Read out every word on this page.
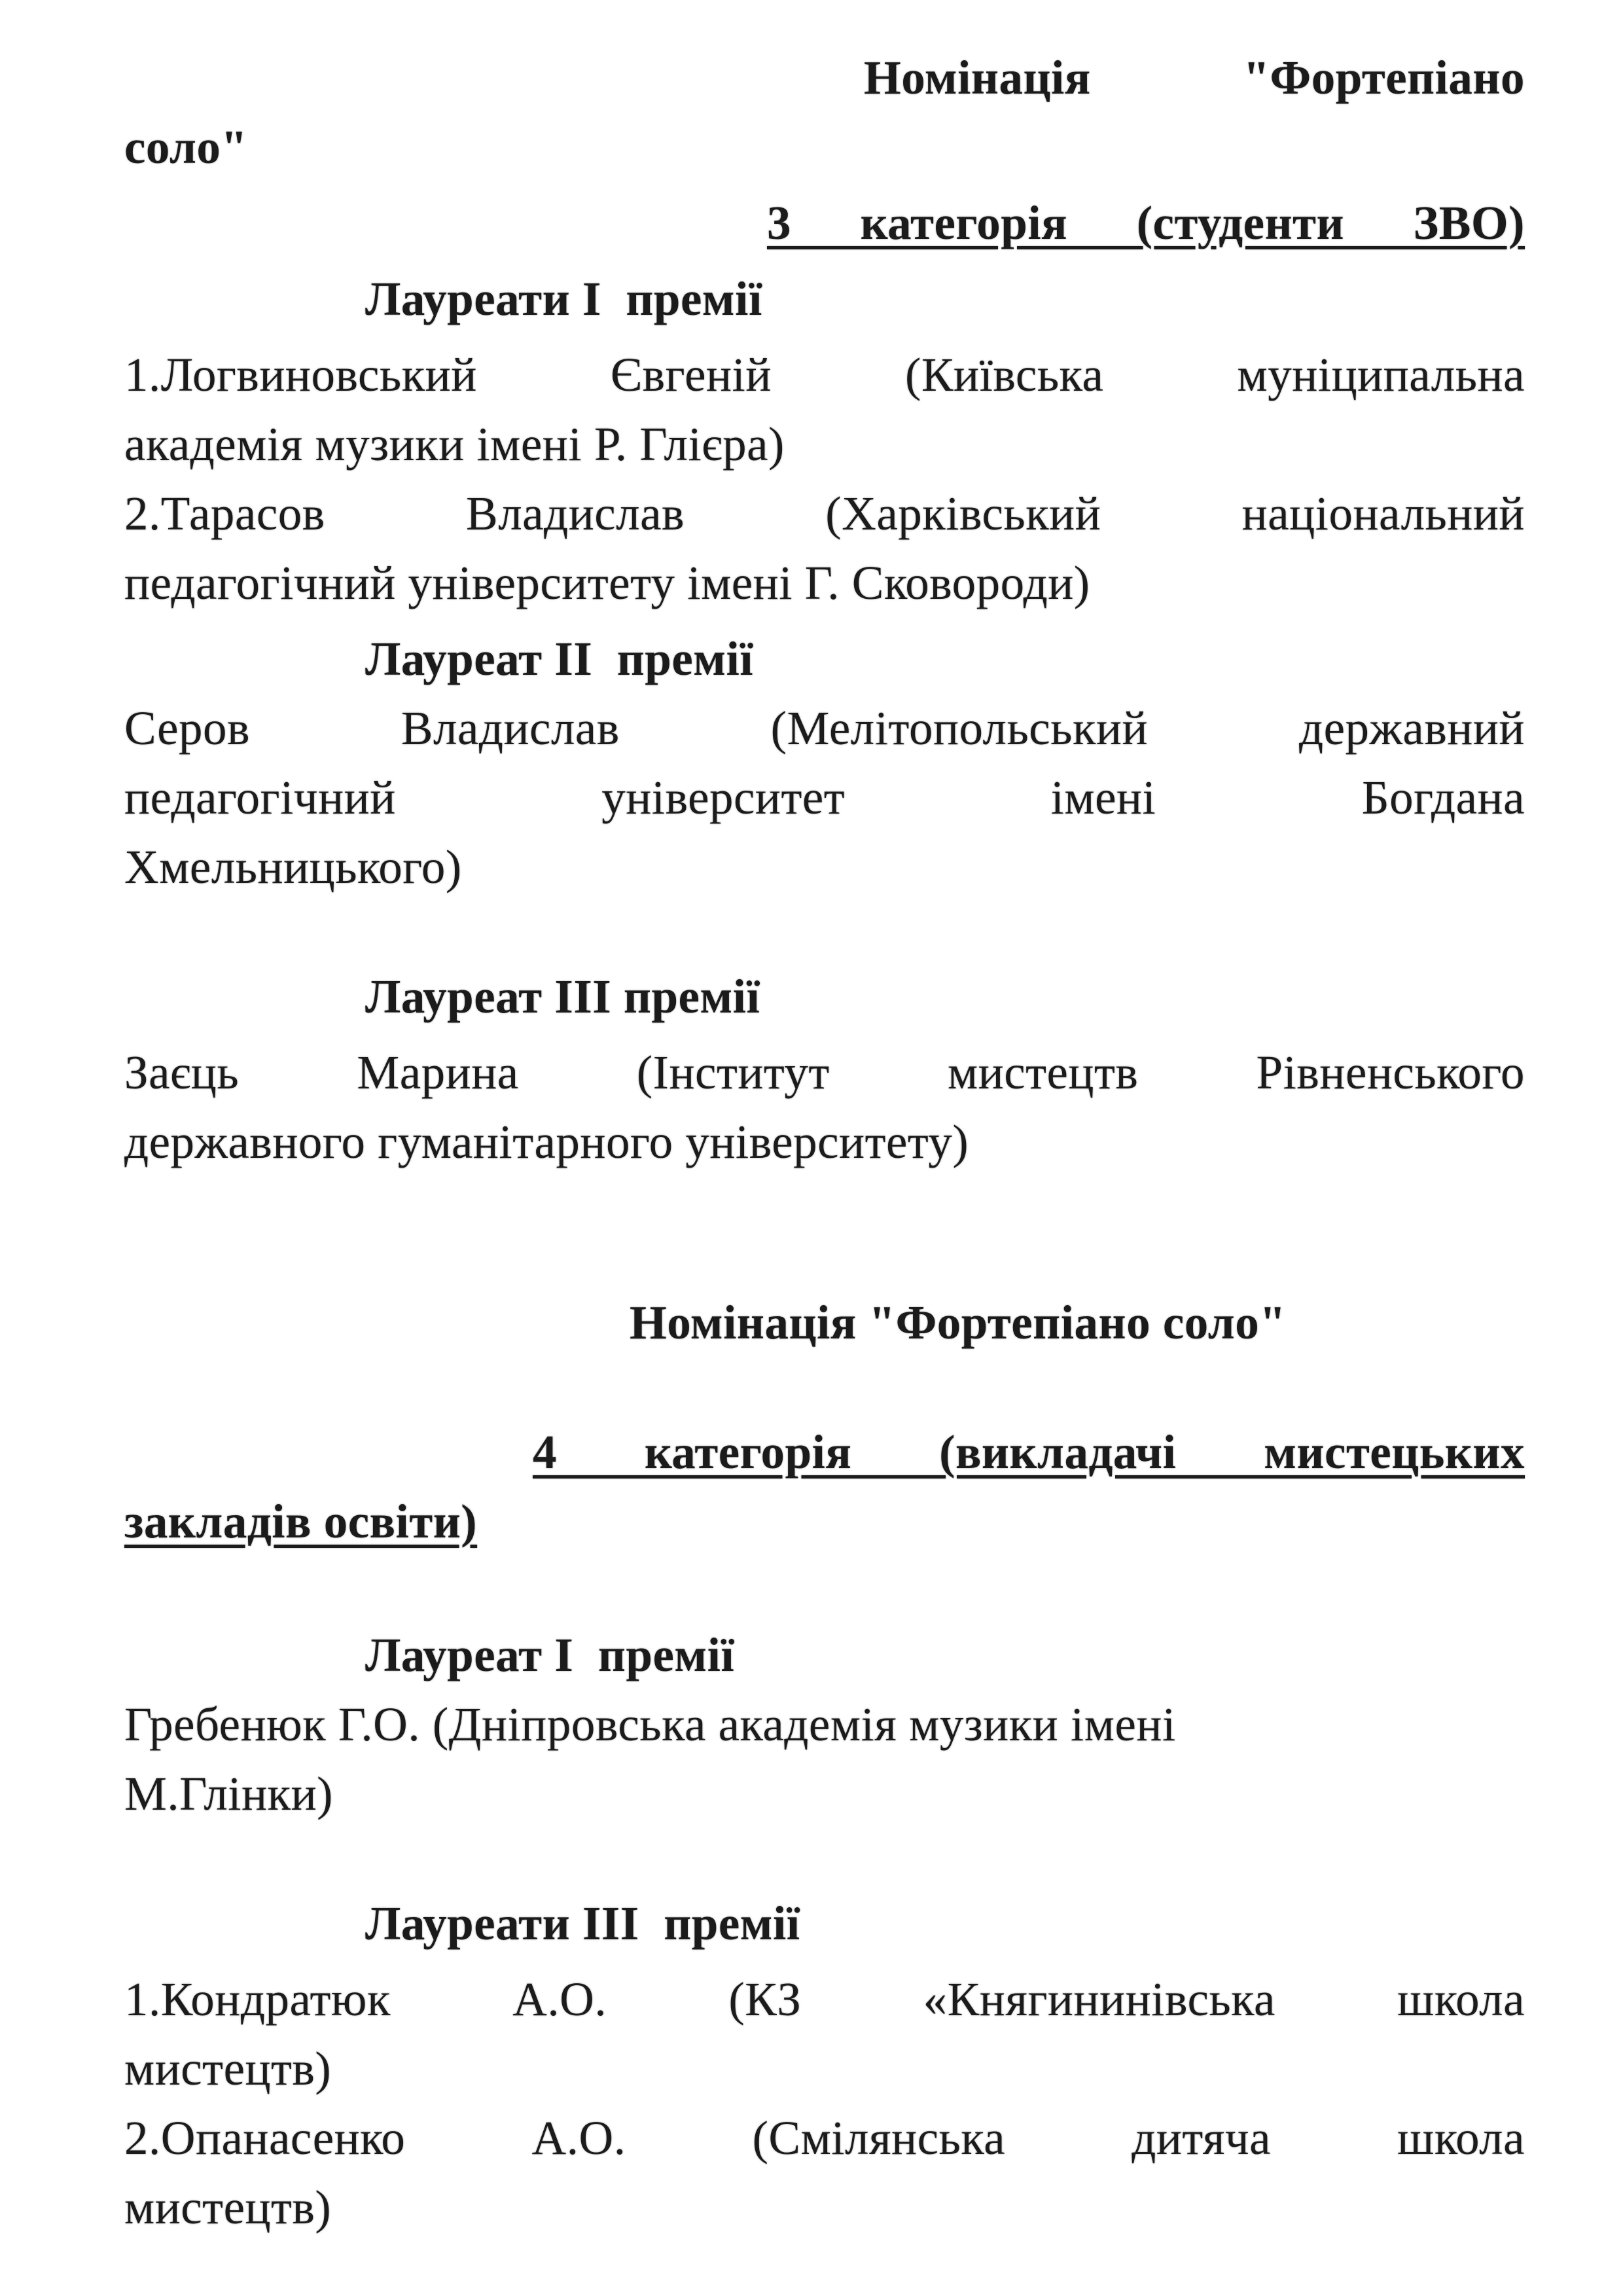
Номінація "Фортепіано
соло"
3 категорія (студенти ЗВО)
Лауреати I  премії
1.Логвиновський Євгеній (Київська муніципальна
академія музики імені Р. Глієра)
2.Тарасов Владислав (Харківський національний
педагогічний університету імені Г. Сковороди)
Лауреат II  премії
Серов Владислав (Мелітопольський державний
педагогічний університет імені Богдана
Хмельницького)
Лауреат III премії
Заєць Марина (Інститут мистецтв Рівненського
державного гуманітарного університету)
Номінація "Фортепіано соло"
4 категорія (викладачі мистецьких
закладів освіти)
Лауреат I  премії
Гребенюк Г.О. (Дніпровська академія музики імені
М.Глінки)
Лауреати III  премії
1.Кондратюк А.О. (КЗ «Княгининівська школа
мистецтв)
2.Опанасенко А.О. (Смілянська дитяча школа
мистецтв)
